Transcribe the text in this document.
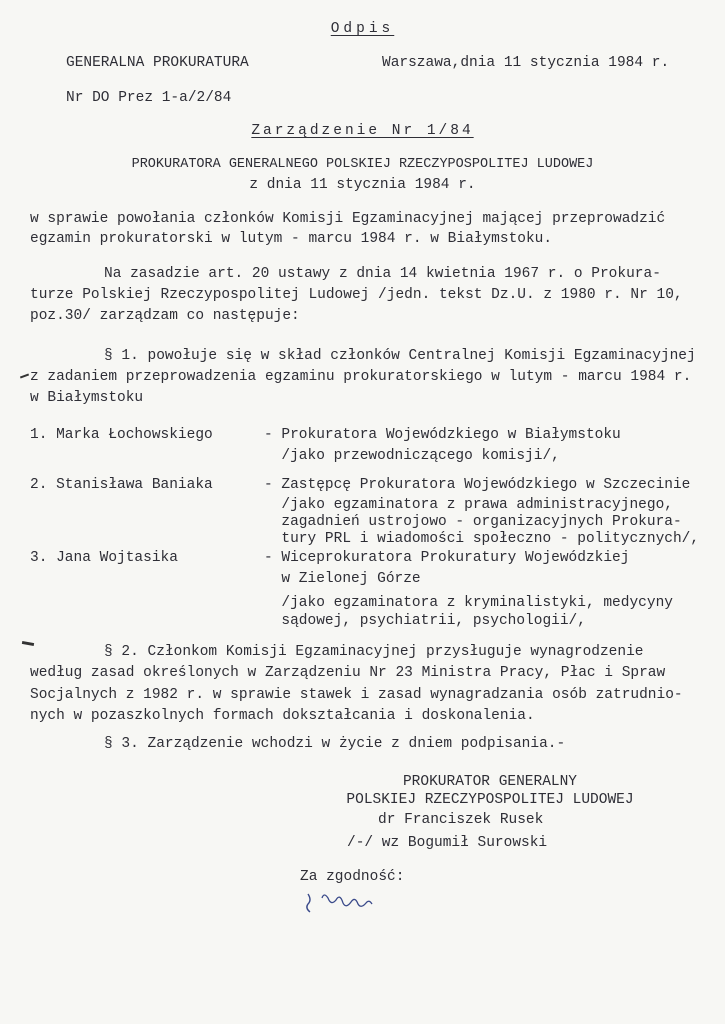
Odpis
GENERALNA PROKURATURA	Warszawa,dnia 11 stycznia 1984 r.
Nr DO Prez 1-a/2/84
Zarządzenie Nr 1/84
PROKURATORA GENERALNEGO POLSKIEJ RZECZYPOSPOLITEJ LUDOWEJ
z dnia 11 stycznia 1984 r.
w sprawie powołania członków Komisji Egzaminacyjnej mającej przeprowadzić
egzamin prokuratorski w lutym - marcu 1984 r. w Białymstoku.
Na zasadzie art. 20 ustawy z dnia 14 kwietnia 1967 r. o Prokura-
turze Polskiej Rzeczypospolitej Ludowej /jedn. tekst Dz.U. z 1980 r. Nr 10,
poz.30/ zarządzam co następuje:
§ 1. powołuje się w skład członków Centralnej Komisji Egzaminacyjnej
z zadaniem przeprowadzenia egzaminu prokuratorskiego w lutym - marcu 1984 r.
w Białymstoku
1. Marka Łochowskiego	- Prokuratora Wojewódzkiego w Białymstoku
/jako przewodniczącego komisji/,
2. Stanisława Baniaka	- Zastępcę Prokuratora Wojewódzkiego w Szczecinie
/jako egzaminatora z prawa administracyjnego,
zagadnień ustrojowo - organizacyjnych Prokura-
tury PRL i wiadomości społeczno - politycznych/,
3. Jana Wojtasika	- Wiceprokuratora Prokuratury Wojewódzkiej
w Zielonej Górze
/jako egzaminatora z kryminalistyki, medycyny
sądowej, psychiatrii, psychologii/,
§ 2. Członkom Komisji Egzaminacyjnej przysługuje wynagrodzenie
według zasad określonych w Zarządzeniu Nr 23 Ministra Pracy, Płac i Spraw
Socjalnych z 1982 r. w sprawie stawek i zasad wynagradzania osób zatrudnio-
nych w pozaszkolnych formach dokształcania i doskonalenia.
§ 3. Zarządzenie wchodzi w życie z dniem podpisania.-
PROKURATOR GENERALNY
POLSKIEJ RZECZYPOSPOLITEJ LUDOWEJ
dr Franciszek Rusek
/-/ wz Bogumił Surowski
Za zgodność:
